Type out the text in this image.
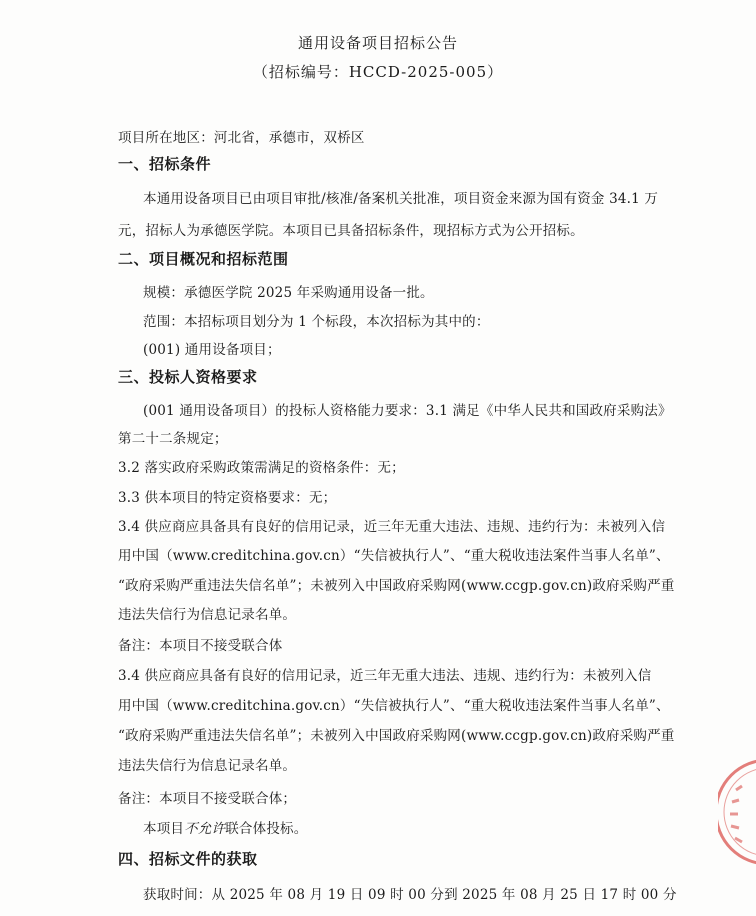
通用设备项目招标公告
（招标编号：HCCD-2025-005）
项目所在地区：河北省，承德市，双桥区
一、招标条件
本通用设备项目已由项目审批/核准/备案机关批准，项目资金来源为国有资金 34.1 万
元，招标人为承德医学院。本项目已具备招标条件，现招标方式为公开招标。
二、项目概况和招标范围
规模：承德医学院 2025 年采购通用设备一批。
范围：本招标项目划分为 1 个标段，本次招标为其中的：
(001) 通用设备项目；
三、投标人资格要求
(001 通用设备项目）的投标人资格能力要求：3.1 满足《中华人民共和国政府采购法》
第二十二条规定；
3.2 落实政府采购政策需满足的资格条件：无；
3.3 供本项目的特定资格要求：无；
3.4 供应商应具备具有良好的信用记录，近三年无重大违法、违规、违约行为：未被列入信
用中国（www.creditchina.gov.cn）“失信被执行人”、“重大税收违法案件当事人名单”、
“政府采购严重违法失信名单”；未被列入中国政府采购网(www.ccgp.gov.cn)政府采购严重
违法失信行为信息记录名单。
备注：本项目不接受联合体
3.4 供应商应具备有良好的信用记录，近三年无重大违法、违规、违约行为：未被列入信
用中国（www.creditchina.gov.cn）“失信被执行人”、“重大税收违法案件当事人名单”、
“政府采购严重违法失信名单”；未被列入中国政府采购网(www.ccgp.gov.cn)政府采购严重
违法失信行为信息记录名单。
备注：本项目不接受联合体；
本项目不允许联合体投标。
四、招标文件的获取
获取时间：从 2025 年 08 月 19 日 09 时 00 分到 2025 年 08 月 25 日 17 时 00 分
